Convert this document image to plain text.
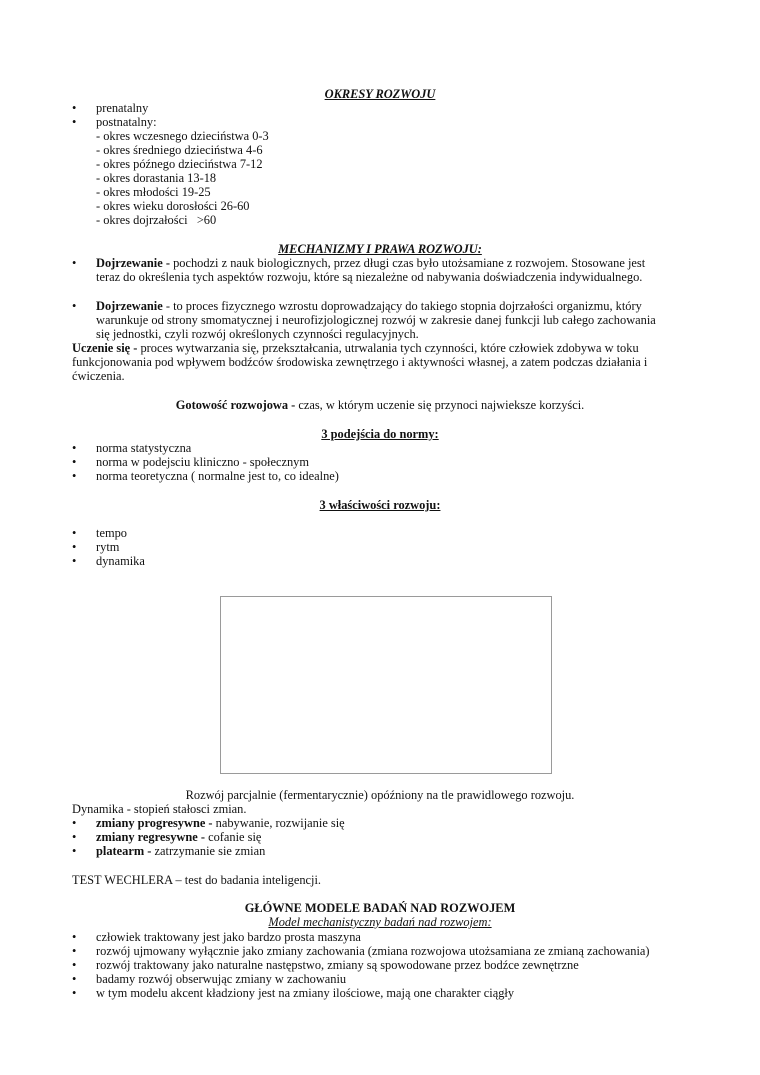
OKRESY ROZWOJU
• prenatalny
• postnatalny:
- okres wczesnego dzieciństwa 0-3
- okres średniego dzieciństwa 4-6
- okres późnego dzieciństwa 7-12
- okres dorastania 13-18
- okres młodości 19-25
- okres wieku dorosłości 26-60
- okres dojrzałości   >60
MECHANIZMY I PRAWA ROZWOJU:
• Dojrzewanie - pochodzi z nauk biologicznych, przez długi czas było utożsamiane z rozwojem. Stosowane jest
teraz do określenia tych aspektów rozwoju, które są niezależne od nabywania doświadczenia indywidualnego.
• Dojrzewanie - to proces fizycznego wzrostu doprowadzający do takiego stopnia dojrzałości organizmu, który
warunkuje od strony smomatycznej i neurofizjologicznej rozwój w zakresie danej funkcji lub całego zachowania
się jednostki, czyli rozwój określonych czynności regulacyjnych.
Uczenie się - proces wytwarzania się, przekształcania, utrwalania tych czynności, które człowiek zdobywa w toku
funkcjonowania pod wpływem bodźców środowiska zewnętrzego i aktywności własnej, a zatem podczas działania i
ćwiczenia.
Gotowość rozwojowa - czas, w którym uczenie się przynoci najwieksze korzyści.
3 podejścia do normy:
• norma statystyczna
• norma w podejsciu kliniczno - społecznym
• norma teoretyczna ( normalne jest to, co idealne)
3 właściwości rozwoju:
• tempo
• rytm
• dynamika
Rozwój parcjalnie (fermentarycznie) opóźniony na tle prawidlowego rozwoju.
Dynamika - stopień stałosci zmian.
• zmiany progresywne - nabywanie, rozwijanie się
• zmiany regresywne - cofanie się
• platearm - zatrzymanie sie zmian
TEST WECHLERA – test do badania inteligencji.
GŁÓWNE MODELE BADAŃ NAD ROZWOJEM
Model mechanistyczny badań nad rozwojem:
• człowiek traktowany jest jako bardzo prosta maszyna
• rozwój ujmowany wyłącznie jako zmiany zachowania (zmiana rozwojowa utożsamiana ze zmianą zachowania)
• rozwój traktowany jako naturalne następstwo, zmiany są spowodowane przez bodźce zewnętrzne
• badamy rozwój obserwując zmiany w zachowaniu
• w tym modelu akcent kładziony jest na zmiany ilościowe, mają one charakter ciągły
